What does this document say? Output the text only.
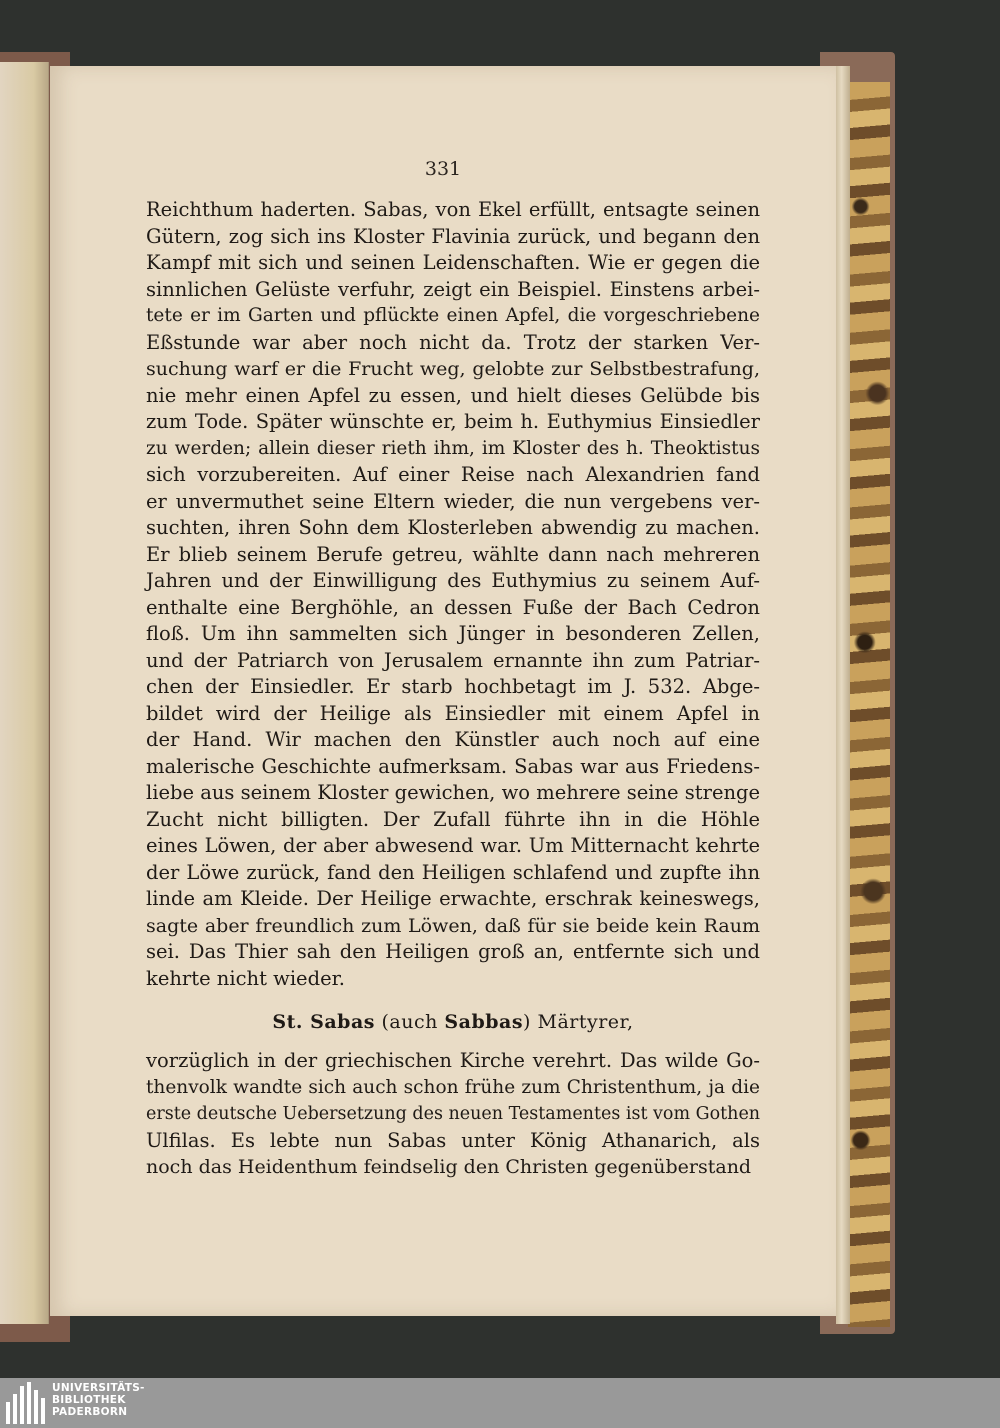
331

Reichthum haderten. Sabas, von Ekel erfüllt, entsagte seinen
Gütern, zog sich ins Kloster Flavinia zurück, und begann den
Kampf mit sich und seinen Leidenschaften. Wie er gegen die
sinnlichen Gelüste verfuhr, zeigt ein Beispiel. Einstens arbei-
tete er im Garten und pflückte einen Apfel, die vorgeschriebene
Eßstunde war aber noch nicht da. Trotz der starken Ver-
suchung warf er die Frucht weg, gelobte zur Selbstbestrafung,
nie mehr einen Apfel zu essen, und hielt dieses Gelübde bis
zum Tode. Später wünschte er, beim h. Euthymius Einsiedler
zu werden; allein dieser rieth ihm, im Kloster des h. Theoktistus
sich vorzubereiten. Auf einer Reise nach Alexandrien fand
er unvermuthet seine Eltern wieder, die nun vergebens ver-
suchten, ihren Sohn dem Klosterleben abwendig zu machen.
Er blieb seinem Berufe getreu, wählte dann nach mehreren
Jahren und der Einwilligung des Euthymius zu seinem Auf-
enthalte eine Berghöhle, an dessen Fuße der Bach Cedron
floß. Um ihn sammelten sich Jünger in besonderen Zellen,
und der Patriarch von Jerusalem ernannte ihn zum Patriar-
chen der Einsiedler. Er starb hochbetagt im J. 532. Abge-
bildet wird der Heilige als Einsiedler mit einem Apfel in
der Hand. Wir machen den Künstler auch noch auf eine
malerische Geschichte aufmerksam. Sabas war aus Friedens-
liebe aus seinem Kloster gewichen, wo mehrere seine strenge
Zucht nicht billigten. Der Zufall führte ihn in die Höhle
eines Löwen, der aber abwesend war. Um Mitternacht kehrte
der Löwe zurück, fand den Heiligen schlafend und zupfte ihn
linde am Kleide. Der Heilige erwachte, erschrak keineswegs,
sagte aber freundlich zum Löwen, daß für sie beide kein Raum
sei. Das Thier sah den Heiligen groß an, entfernte sich und
kehrte nicht wieder.

St. Sabas (auch Sabbas) Märtyrer,

vorzüglich in der griechischen Kirche verehrt. Das wilde Go-
thenvolk wandte sich auch schon frühe zum Christenthum, ja die
erste deutsche Uebersetzung des neuen Testamentes ist vom Gothen
Ulfilas. Es lebte nun Sabas unter König Athanarich, als
noch das Heidenthum feindselig den Christen gegenüberstand

UNIVERSITÄTS-
BIBLIOTHEK
PADERBORN
